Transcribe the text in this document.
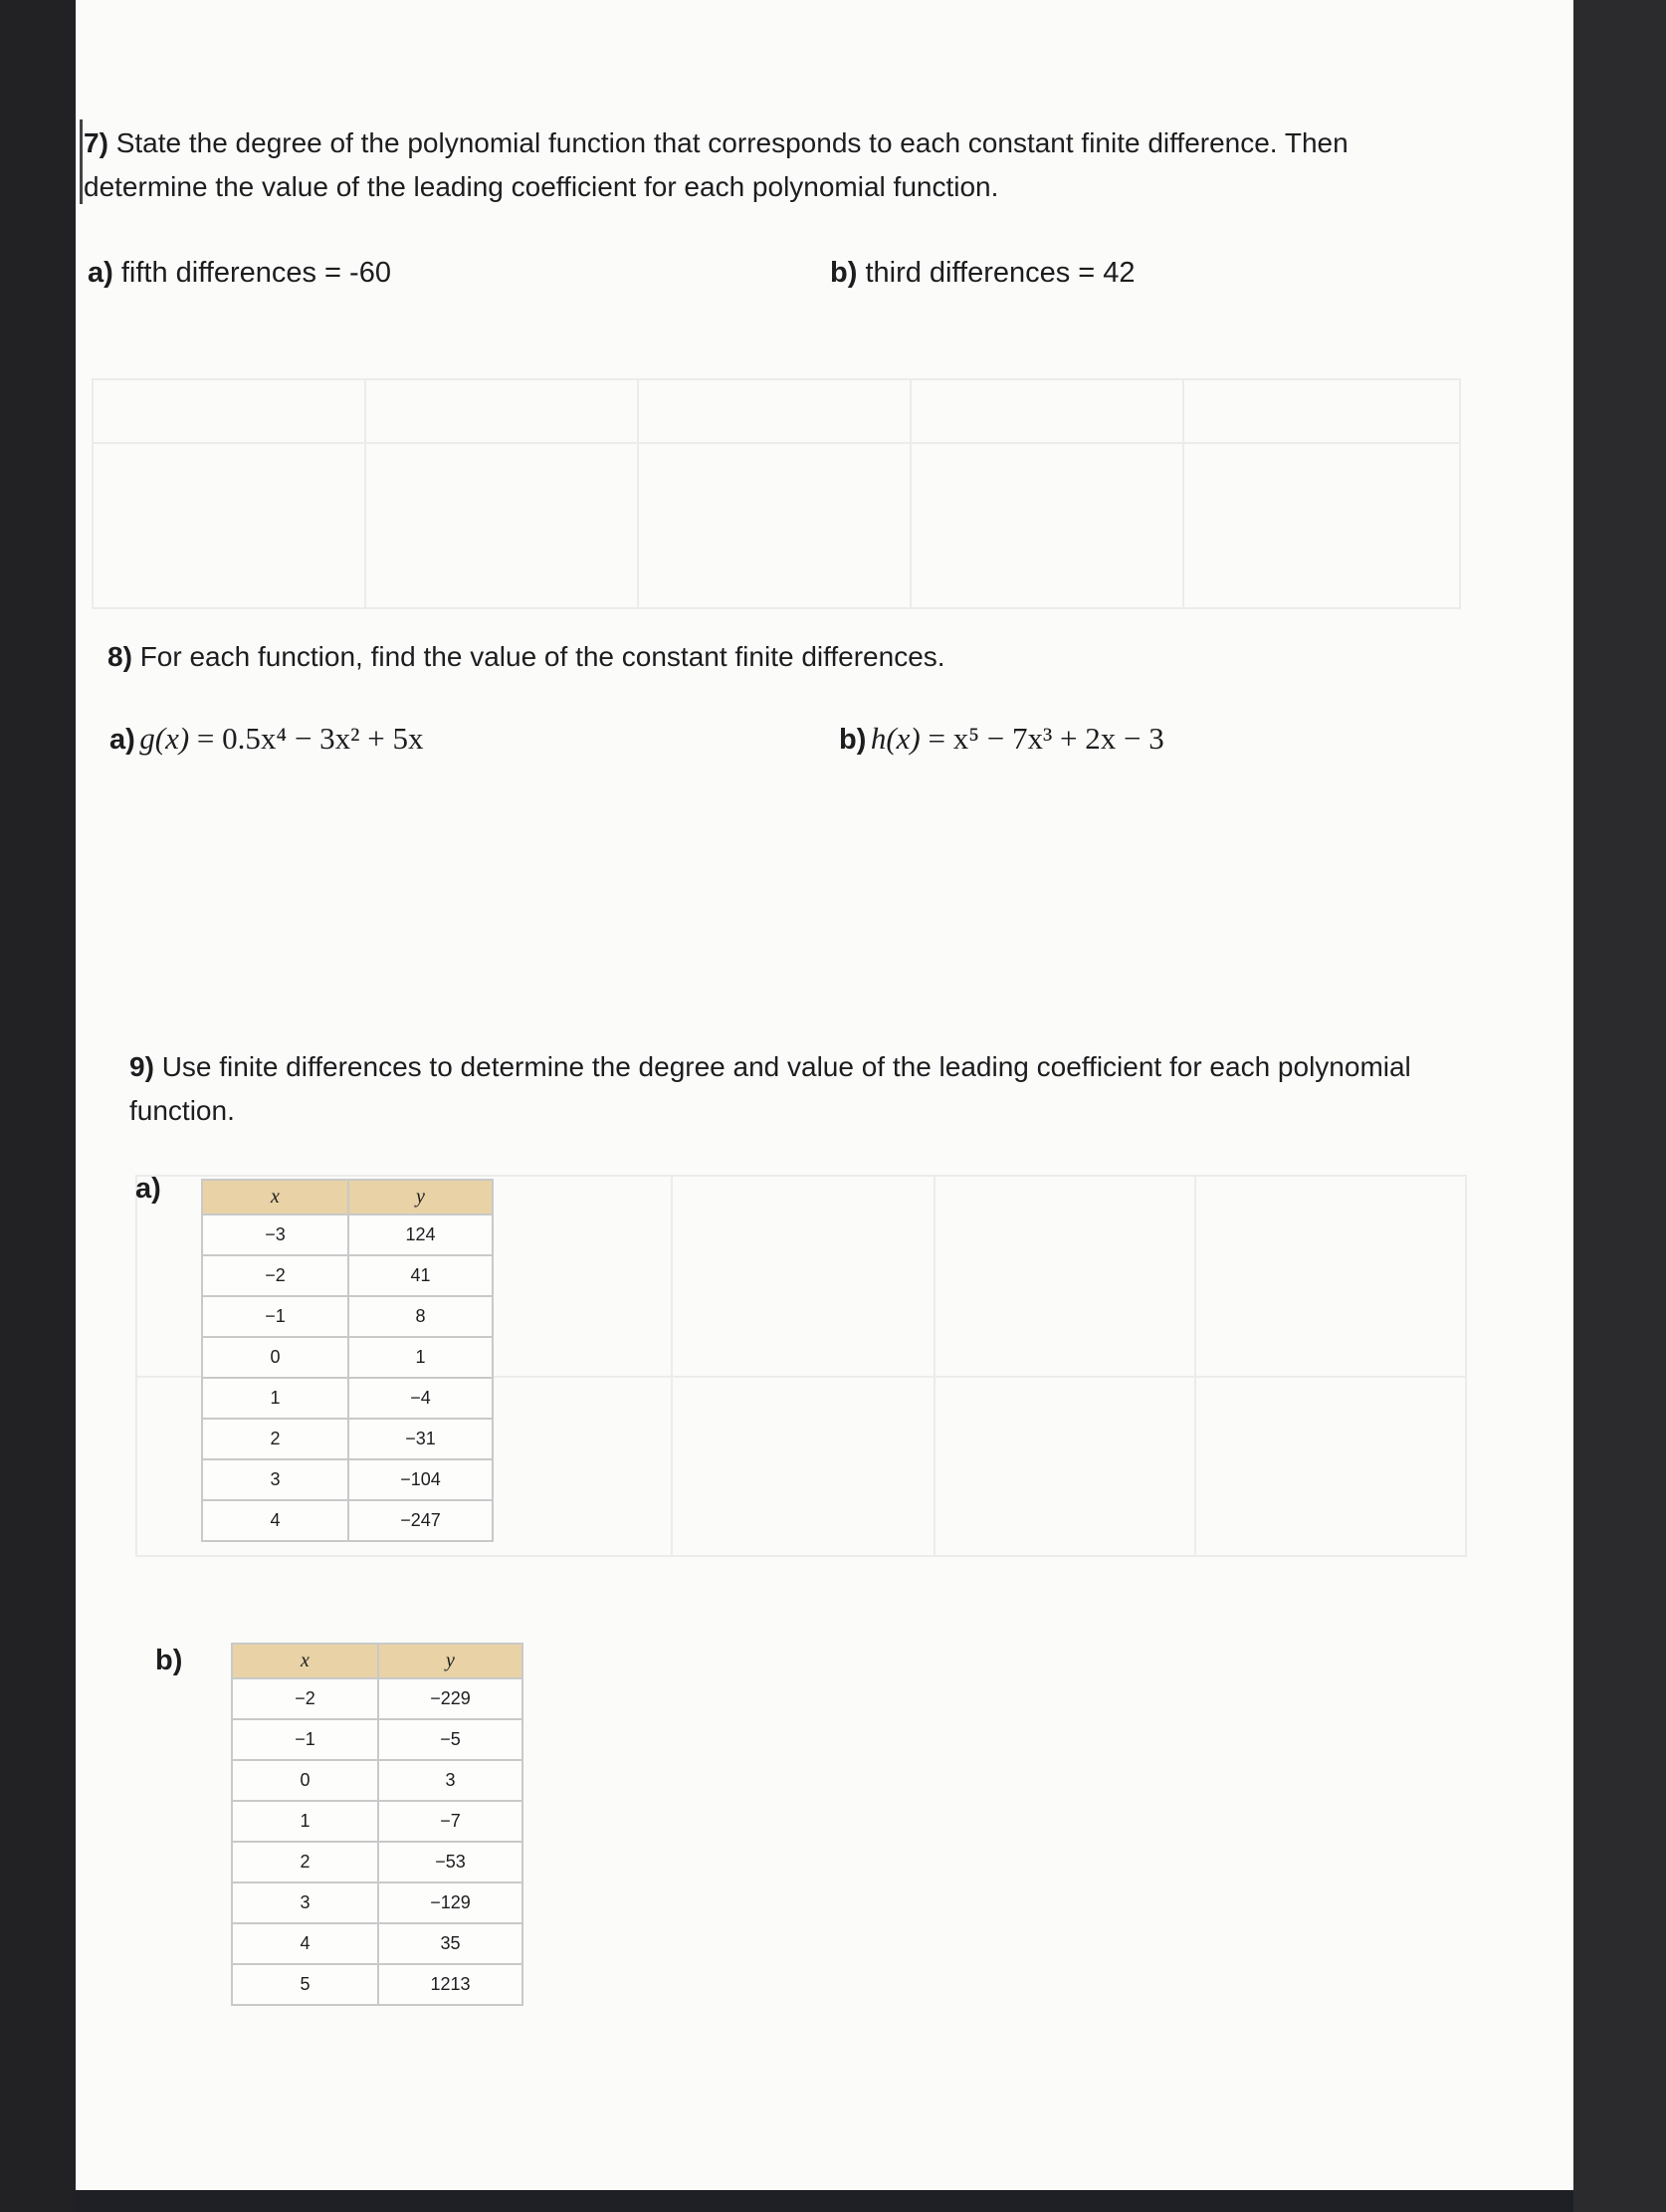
7) State the degree of the polynomial function that corresponds to each constant finite difference. Then determine the value of the leading coefficient for each polynomial function.
a) fifth differences = -60	b) third differences = 42
8) For each function, find the value of the constant finite differences.
a) g(x) = 0.5x⁴ − 3x² + 5x	b) h(x) = x⁵ − 7x³ + 2x − 3
9) Use finite differences to determine the degree and value of the leading coefficient for each polynomial function.
a)	x	y
−3	124
−2	41
−1	8
0	1
1	−4
2	−31
3	−104
4	−247
b)	x	y
−2	−229
−1	−5
0	3
1	−7
2	−53
3	−129
4	35
5	1213
